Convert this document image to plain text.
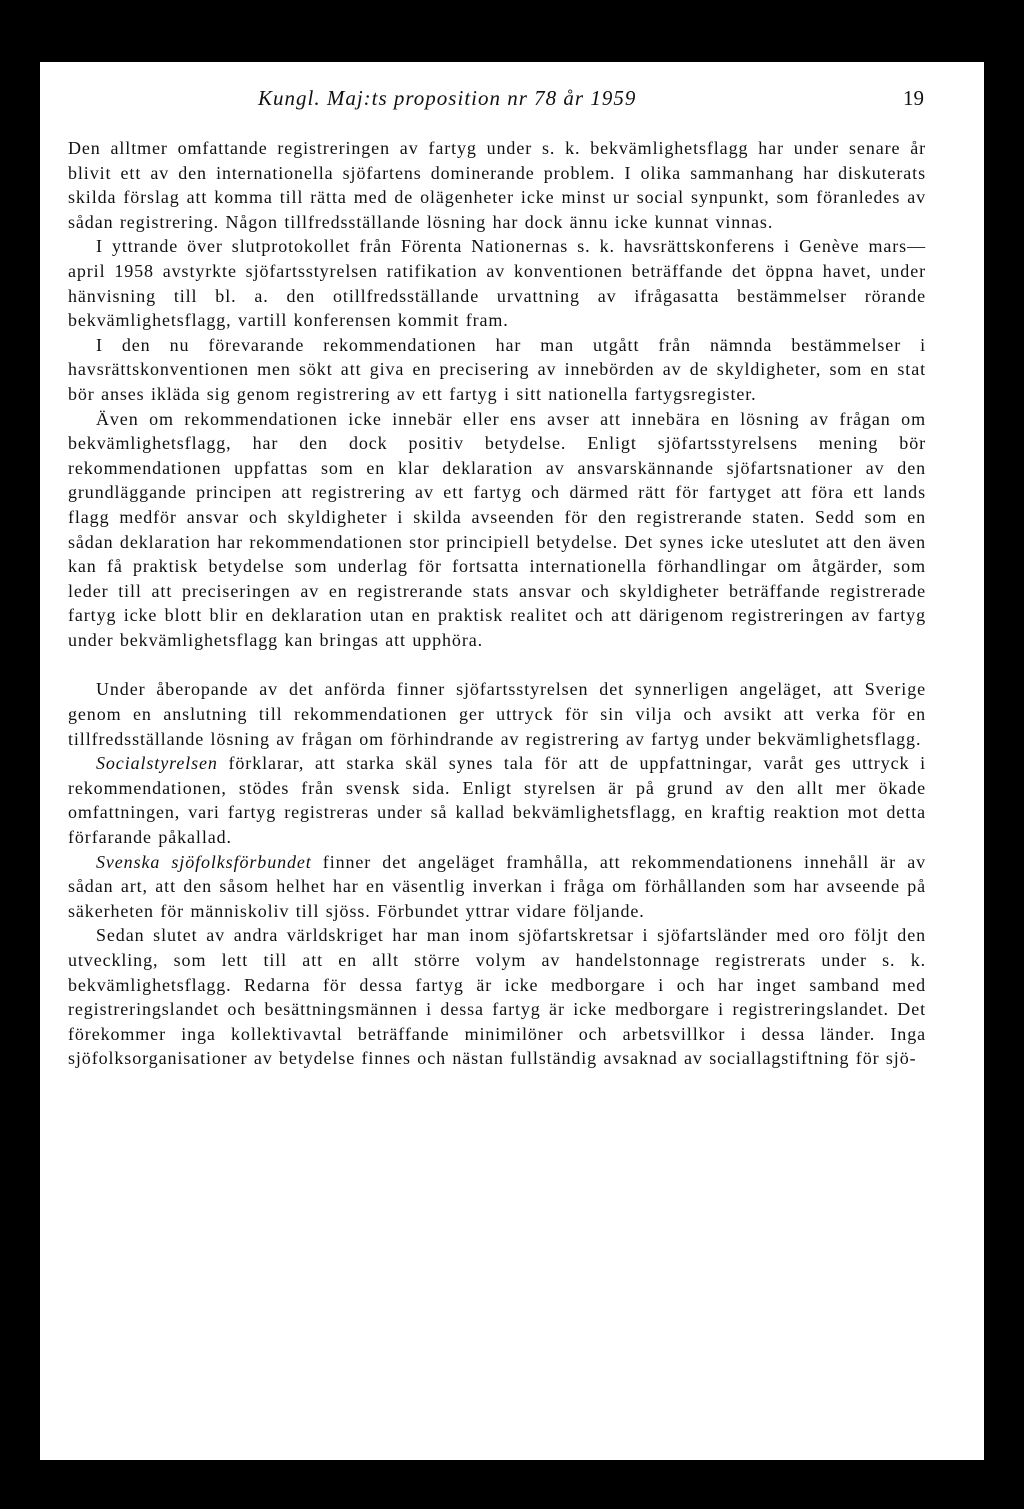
Kungl. Maj:ts proposition nr 78 år 1959	19

Den alltmer omfattande registreringen av fartyg under s. k. bekvämlighetsflagg har under senare år blivit ett av den internationella sjöfartens dominerande problem. I olika sammanhang har diskuterats skilda förslag att komma till rätta med de olägenheter icke minst ur social synpunkt, som föranledes av sådan registrering. Någon tillfredsställande lösning har dock ännu icke kunnat vinnas.

I yttrande över slutprotokollet från Förenta Nationernas s. k. havsrättskonferens i Genève mars—april 1958 avstyrkte sjöfartsstyrelsen ratifikation av konventionen beträffande det öppna havet, under hänvisning till bl. a. den otillfredsställande urvattning av ifrågasatta bestämmelser rörande bekvämlighetsflagg, vartill konferensen kommit fram.

I den nu förevarande rekommendationen har man utgått från nämnda bestämmelser i havsrättskonventionen men sökt att giva en precisering av innebörden av de skyldigheter, som en stat bör anses ikläda sig genom registrering av ett fartyg i sitt nationella fartygsregister.

Även om rekommendationen icke innebär eller ens avser att innebära en lösning av frågan om bekvämlighetsflagg, har den dock positiv betydelse. Enligt sjöfartsstyrelsens mening bör rekommendationen uppfattas som en klar deklaration av ansvarskännande sjöfartsnationer av den grundläggande principen att registrering av ett fartyg och därmed rätt för fartyget att föra ett lands flagg medför ansvar och skyldigheter i skilda avseenden för den registrerande staten. Sedd som en sådan deklaration har rekommendationen stor principiell betydelse. Det synes icke uteslutet att den även kan få praktisk betydelse som underlag för fortsatta internationella förhandlingar om åtgärder, som leder till att preciseringen av en registrerande stats ansvar och skyldigheter beträffande registrerade fartyg icke blott blir en deklaration utan en praktisk realitet och att därigenom registreringen av fartyg under bekvämlighetsflagg kan bringas att upphöra.

Under åberopande av det anförda finner sjöfartsstyrelsen det synnerligen angeläget, att Sverige genom en anslutning till rekommendationen ger uttryck för sin vilja och avsikt att verka för en tillfredsställande lösning av frågan om förhindrande av registrering av fartyg under bekvämlighetsflagg.

Socialstyrelsen förklarar, att starka skäl synes tala för att de uppfattningar, varåt ges uttryck i rekommendationen, stödes från svensk sida. Enligt styrelsen är på grund av den allt mer ökade omfattningen, vari fartyg registreras under så kallad bekvämlighetsflagg, en kraftig reaktion mot detta förfarande påkallad.

Svenska sjöfolksförbundet finner det angeläget framhålla, att rekommendationens innehåll är av sådan art, att den såsom helhet har en väsentlig inverkan i fråga om förhållanden som har avseende på säkerheten för människoliv till sjöss. Förbundet yttrar vidare följande.

Sedan slutet av andra världskriget har man inom sjöfartskretsar i sjöfartsländer med oro följt den utveckling, som lett till att en allt större volym av handelstonnage registrerats under s. k. bekvämlighetsflagg. Redarna för dessa fartyg är icke medborgare i och har inget samband med registreringslandet och besättningsmännen i dessa fartyg är icke medborgare i registreringslandet. Det förekommer inga kollektivavtal beträffande minimilöner och arbetsvillkor i dessa länder. Inga sjöfolksorganisationer av betydelse finnes och nästan fullständig avsaknad av sociallagstiftning för sjö-
